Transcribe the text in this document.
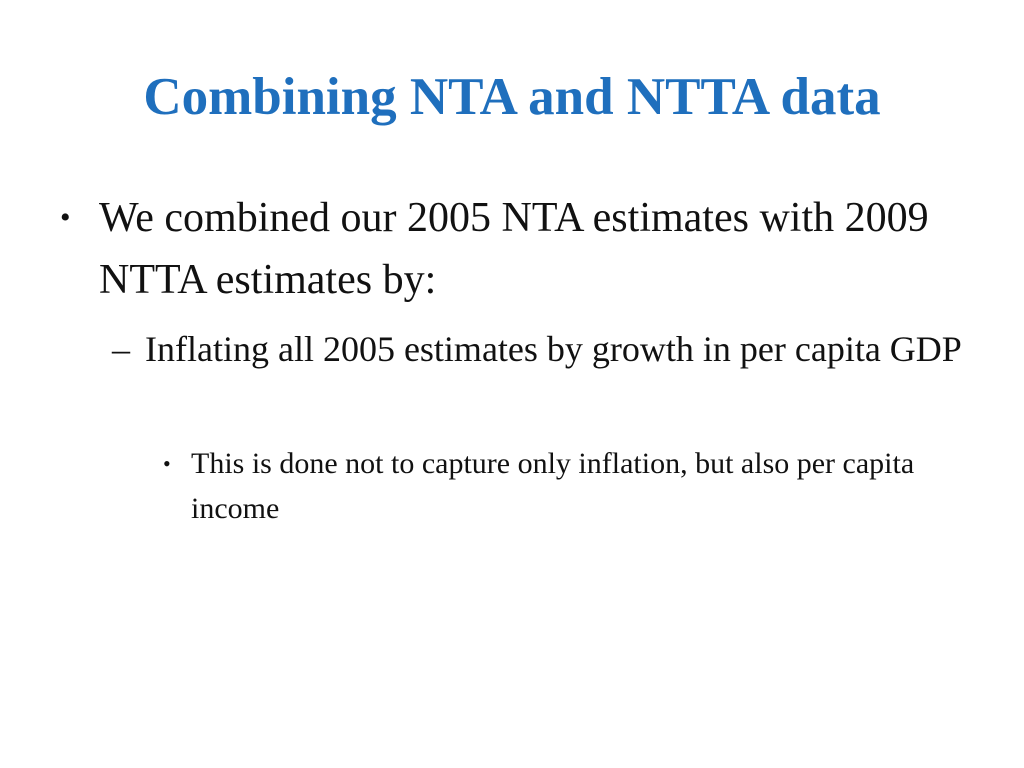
Combining NTA and NTTA data
• We combined our 2005 NTA estimates with 2009 NTTA estimates by:
– Inflating all 2005 estimates by growth in per capita GDP
• This is done not to capture only inflation, but also per capita income
